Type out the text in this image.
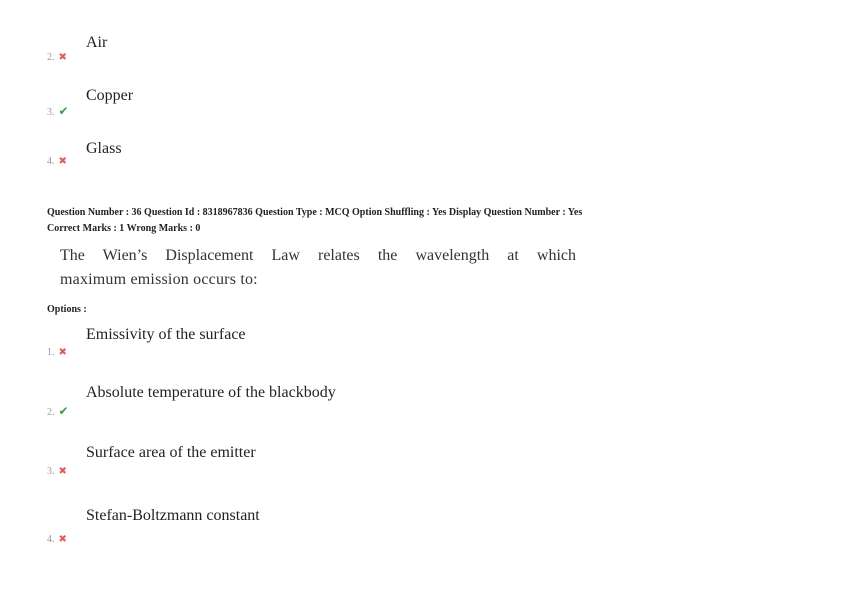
Air
2. ✖
Copper
3. ✔
Glass
4. ✖
Question Number : 36 Question Id : 8318967836 Question Type : MCQ Option Shuffling : Yes Display Question Number : Yes
Correct Marks : 1 Wrong Marks : 0
The Wien’s Displacement Law relates the wavelength at which
maximum emission occurs to:
Options :
Emissivity of the surface
1. ✖
Absolute temperature of the blackbody
2. ✔
Surface area of the emitter
3. ✖
Stefan-Boltzmann constant
4. ✖
